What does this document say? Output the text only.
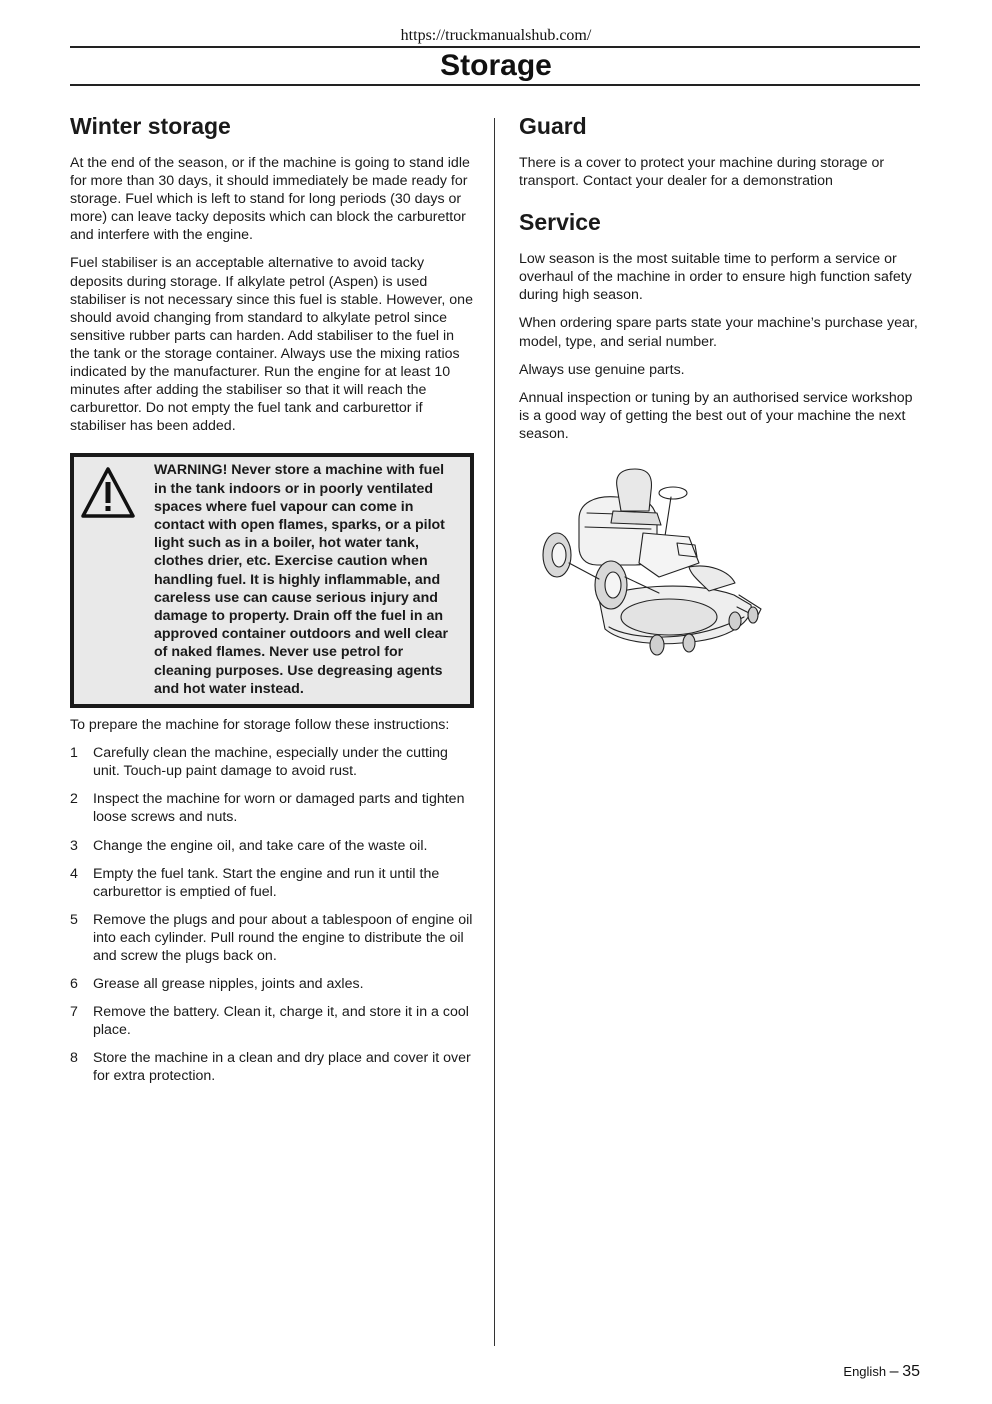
https://truckmanualshub.com/
Storage
Winter storage

At the end of the season, or if the machine is going to stand idle for more than 30 days, it should immediately be made ready for storage. Fuel which is left to stand for long periods (30 days or more) can leave tacky deposits which can block the carburettor and interfere with the engine.

Fuel stabiliser is an acceptable alternative to avoid tacky deposits during storage. If alkylate petrol (Aspen) is used stabiliser is not necessary since this fuel is stable. However, one should avoid changing from standard to alkylate petrol since sensitive rubber parts can harden. Add stabiliser to the fuel in the tank or the storage container. Always use the mixing ratios indicated by the manufacturer. Run the engine for at least 10 minutes after adding the stabiliser so that it will reach the carburettor. Do not empty the fuel tank and carburettor if stabiliser has been added.

WARNING! Never store a machine with fuel in the tank indoors or in poorly ventilated spaces where fuel vapour can come in contact with open flames, sparks, or a pilot light such as in a boiler, hot water tank, clothes drier, etc. Exercise caution when handling fuel. It is highly inflammable, and careless use can cause serious injury and damage to property. Drain off the fuel in an approved container outdoors and well clear of naked flames. Never use petrol for cleaning purposes. Use degreasing agents and hot water instead.

To prepare the machine for storage follow these instructions:

1	Carefully clean the machine, especially under the cutting unit. Touch-up paint damage to avoid rust.
2	Inspect the machine for worn or damaged parts and tighten loose screws and nuts.
3	Change the engine oil, and take care of the waste oil.
4	Empty the fuel tank. Start the engine and run it until the carburettor is emptied of fuel.
5	Remove the plugs and pour about a tablespoon of engine oil into each cylinder. Pull round the engine to distribute the oil and screw the plugs back on.
6	Grease all grease nipples, joints and axles.
7	Remove the battery. Clean it, charge it, and store it in a cool place.
8	Store the machine in a clean and dry place and cover it over for extra protection.
Guard

There is a cover to protect your machine during storage or transport. Contact your dealer for a demonstration

Service

Low season is the most suitable time to perform a service or overhaul of the machine in order to ensure high function safety during high season.

When ordering spare parts state your machine’s purchase year, model, type, and serial number.

Always use genuine parts.

Annual inspection or tuning by an authorised service workshop is a good way of getting the best out of your machine the next season.

English – 35
